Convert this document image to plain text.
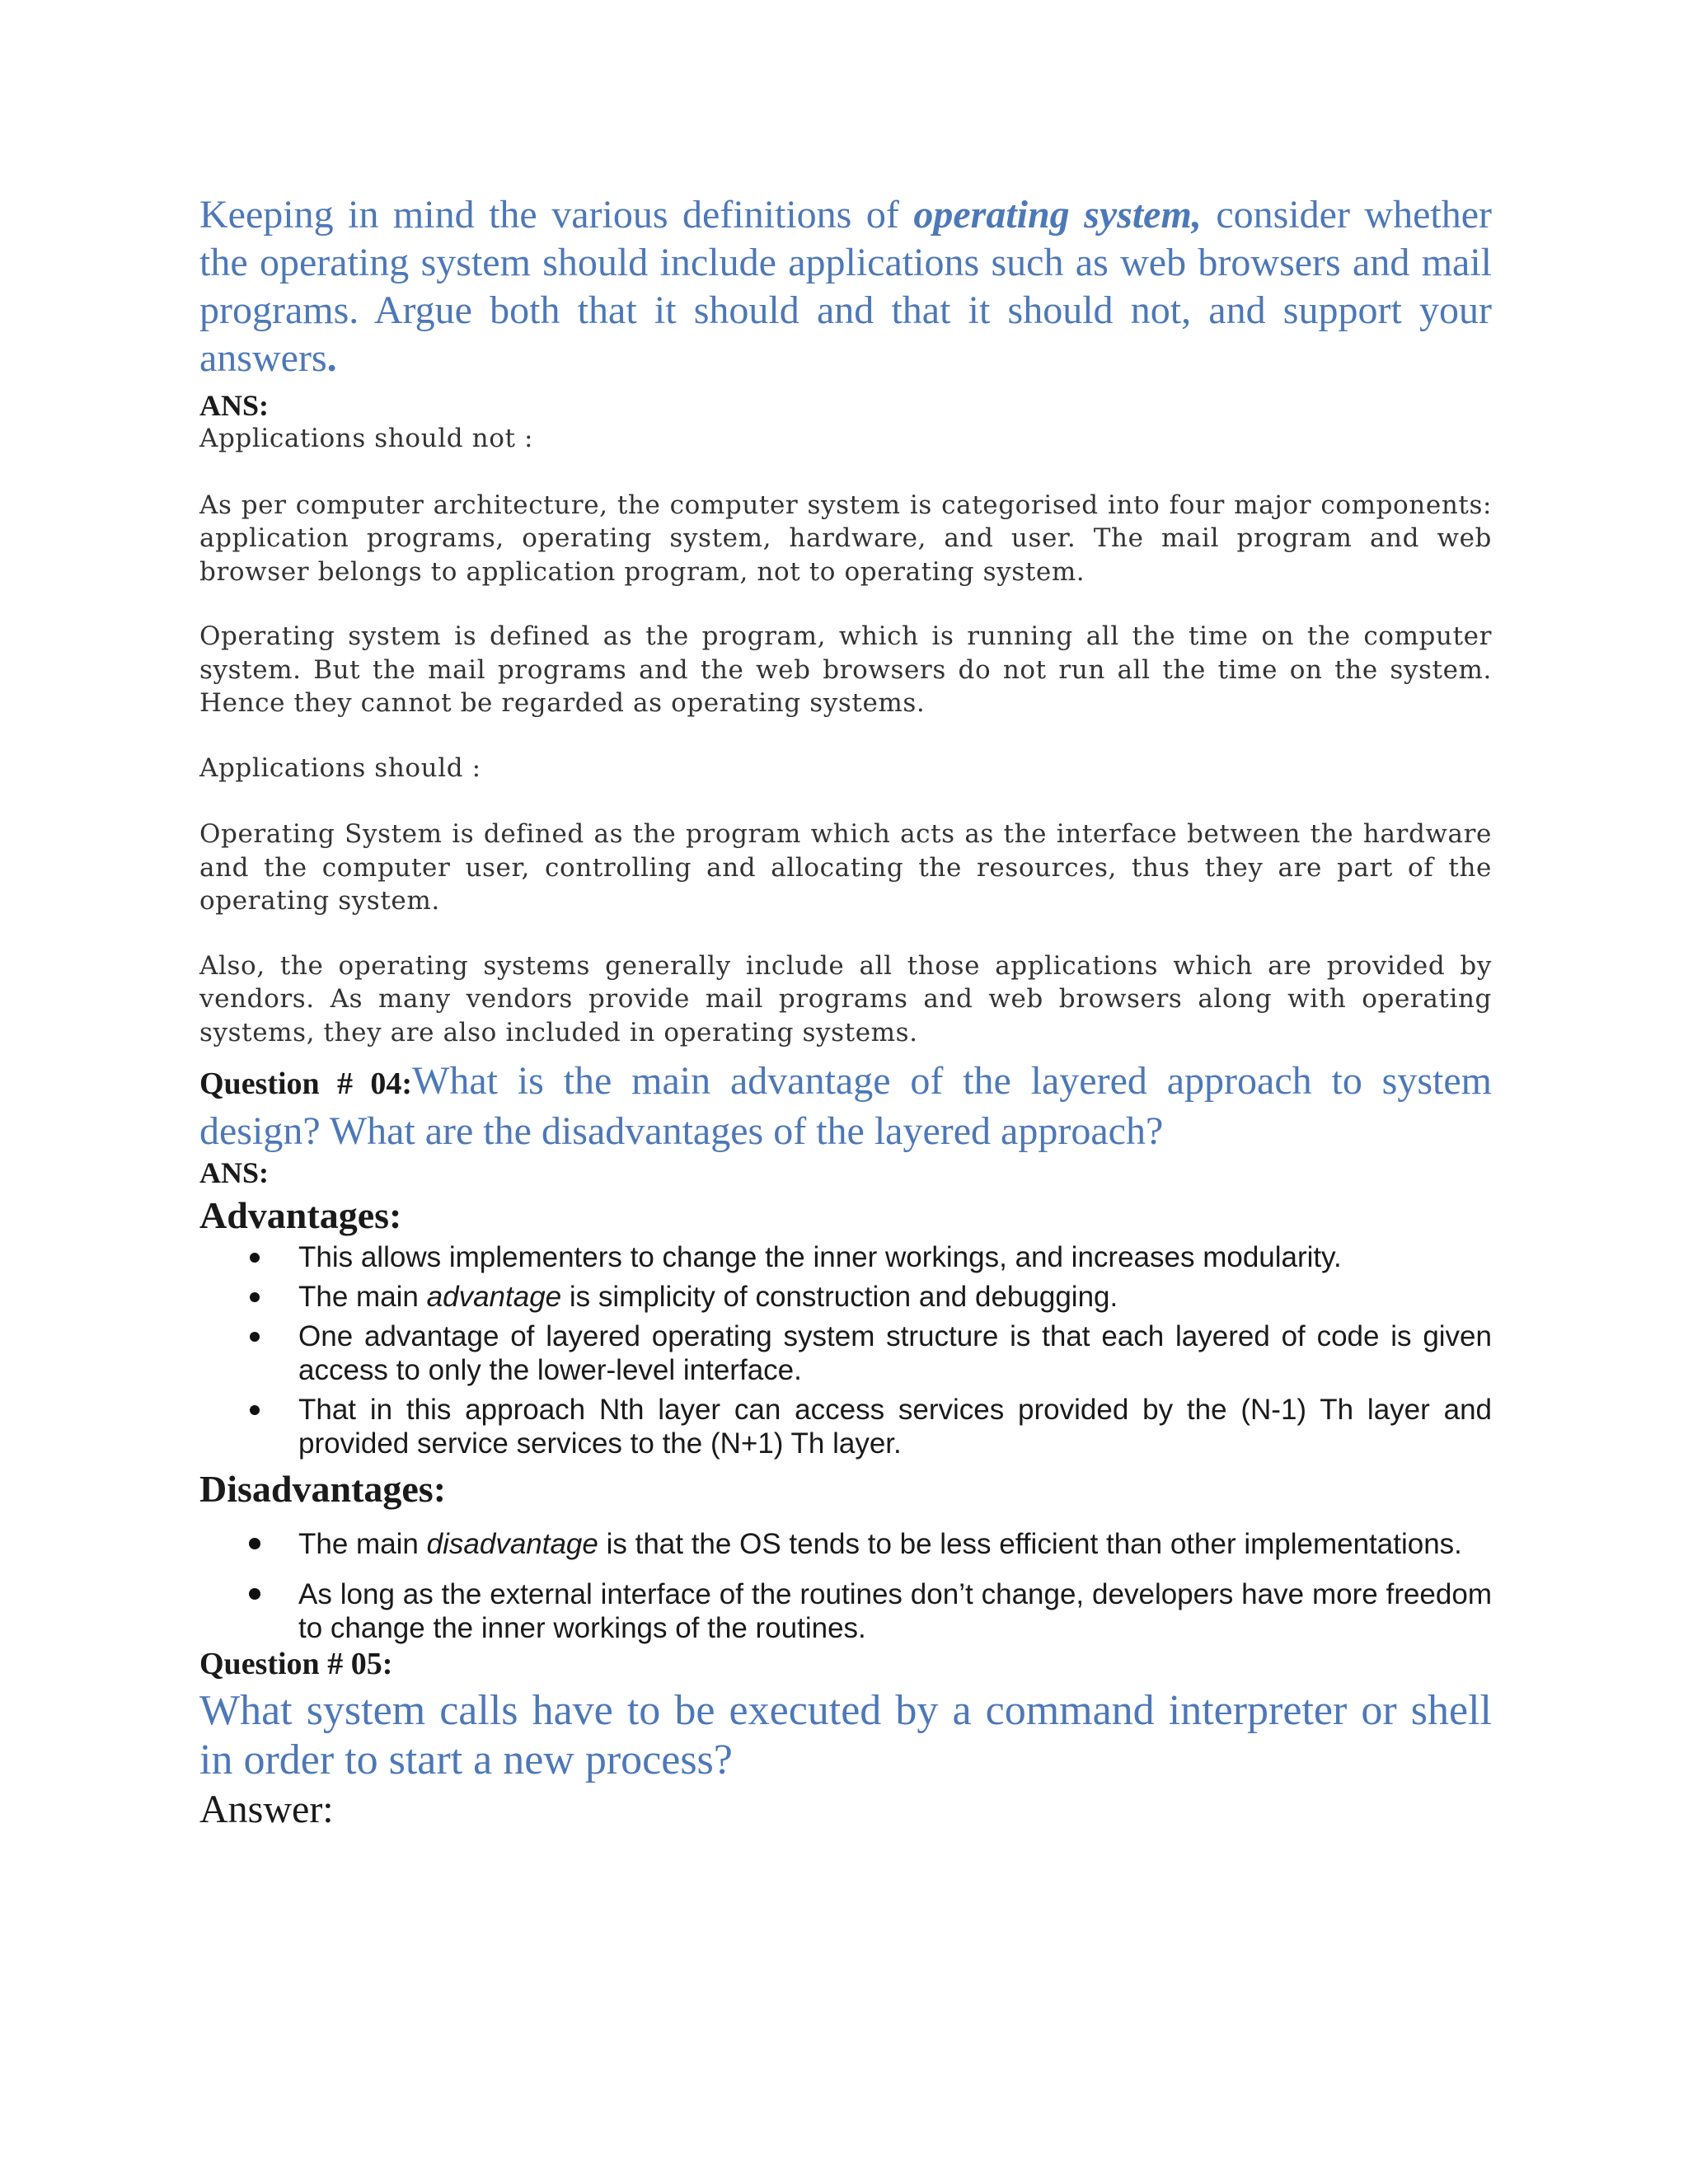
Keeping in mind the various definitions of operating system, consider whether the operating system should include applications such as web browsers and mail programs. Argue both that it should and that it should not, and support your answers.

ANS:

Applications should not :

As per computer architecture, the computer system is categorised into four major components: application programs, operating system, hardware, and user. The mail program and web browser belongs to application program, not to operating system.

Operating system is defined as the program, which is running all the time on the computer system. But the mail programs and the web browsers do not run all the time on the system. Hence they cannot be regarded as operating systems.

Applications should :

Operating System is defined as the program which acts as the interface between the hardware and the computer user, controlling and allocating the resources, thus they are part of the operating system.

Also, the operating systems generally include all those applications which are provided by vendors. As many vendors provide mail programs and web browsers along with operating systems, they are also included in operating systems.

Question # 04:What is the main advantage of the layered approach to system design? What are the disadvantages of the layered approach?

ANS:

Advantages:

This allows implementers to change the inner workings, and increases modularity.
The main advantage is simplicity of construction and debugging.
One advantage of layered operating system structure is that each layered of code is given access to only the lower-level interface.
That in this approach Nth layer can access services provided by the (N-1) Th layer and provided service services to the (N+1) Th layer.

Disadvantages:

The main disadvantage is that the OS tends to be less efficient than other implementations.
As long as the external interface of the routines don’t change, developers have more freedom to change the inner workings of the routines.

Question # 05:

What system calls have to be executed by a command interpreter or shell in order to start a new process?

Answer:
